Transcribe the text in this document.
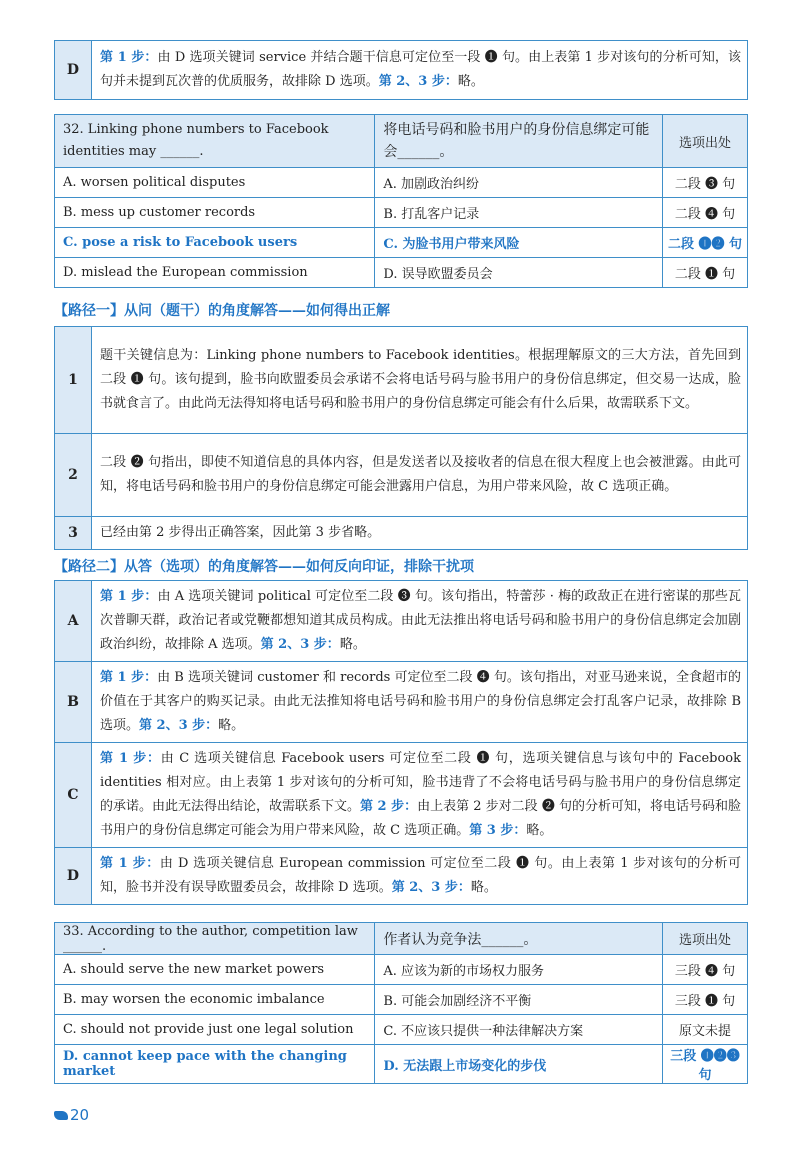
D	第 1 步：由 D 选项关键词 service 并结合题干信息可定位至一段 ❶ 句。由上表第 1 步对该句的分析可知，该句并未提到瓦次普的优质服务，故排除 D 选项。第 2、3 步：略。
32. Linking phone numbers to Facebook identities may ______.	将电话号码和脸书用户的身份信息绑定可能会______。	选项出处
A. worsen political disputes	A. 加剧政治纠纷	二段 ❸ 句
B. mess up customer records	B. 打乱客户记录	二段 ❹ 句
C. pose a risk to Facebook users	C. 为脸书用户带来风险	二段 ❶❷ 句
D. mislead the European commission	D. 误导欧盟委员会	二段 ❶ 句
【路径一】从问（题干）的角度解答——如何得出正解
1	题干关键信息为：Linking phone numbers to Facebook identities。根据理解原文的三大方法，首先回到二段 ❶ 句。该句提到，脸书向欧盟委员会承诺不会将电话号码与脸书用户的身份信息绑定，但交易一达成，脸书就食言了。由此尚无法得知将电话号码和脸书用户的身份信息绑定可能会有什么后果，故需联系下文。
2	二段 ❷ 句指出，即使不知道信息的具体内容，但是发送者以及接收者的信息在很大程度上也会被泄露。由此可知，将电话号码和脸书用户的身份信息绑定可能会泄露用户信息，为用户带来风险，故 C 选项正确。
3	已经由第 2 步得出正确答案，因此第 3 步省略。
【路径二】从答（选项）的角度解答——如何反向印证，排除干扰项
A	第 1 步：由 A 选项关键词 political 可定位至二段 ❸ 句。该句指出，特蕾莎 · 梅的政敌正在进行密谋的那些瓦次普聊天群，政治记者或党鞭都想知道其成员构成。由此无法推出将电话号码和脸书用户的身份信息绑定会加剧政治纠纷，故排除 A 选项。第 2、3 步：略。
B	第 1 步：由 B 选项关键词 customer 和 records 可定位至二段 ❹ 句。该句指出，对亚马逊来说，全食超市的价值在于其客户的购买记录。由此无法推知将电话号码和脸书用户的身份信息绑定会打乱客户记录，故排除 B 选项。第 2、3 步：略。
C	第 1 步：由 C 选项关键信息 Facebook users 可定位至二段 ❶ 句，选项关键信息与该句中的 Facebook identities 相对应。由上表第 1 步对该句的分析可知，脸书违背了不会将电话号码与脸书用户的身份信息绑定的承诺。由此无法得出结论，故需联系下文。第 2 步：由上表第 2 步对二段 ❷ 句的分析可知，将电话号码和脸书用户的身份信息绑定可能会为用户带来风险，故 C 选项正确。第 3 步：略。
D	第 1 步：由 D 选项关键信息 European commission 可定位至二段 ❶ 句。由上表第 1 步对该句的分析可知，脸书并没有误导欧盟委员会，故排除 D 选项。第 2、3 步：略。
33. According to the author, competition law ______.	作者认为竞争法______。	选项出处
A. should serve the new market powers	A. 应该为新的市场权力服务	三段 ❹ 句
B. may worsen the economic imbalance	B. 可能会加剧经济不平衡	三段 ❶ 句
C. should not provide just one legal solution	C. 不应该只提供一种法律解决方案	原文未提
D. cannot keep pace with the changing market	D. 无法跟上市场变化的步伐	三段 ❶❷❸ 句
20
